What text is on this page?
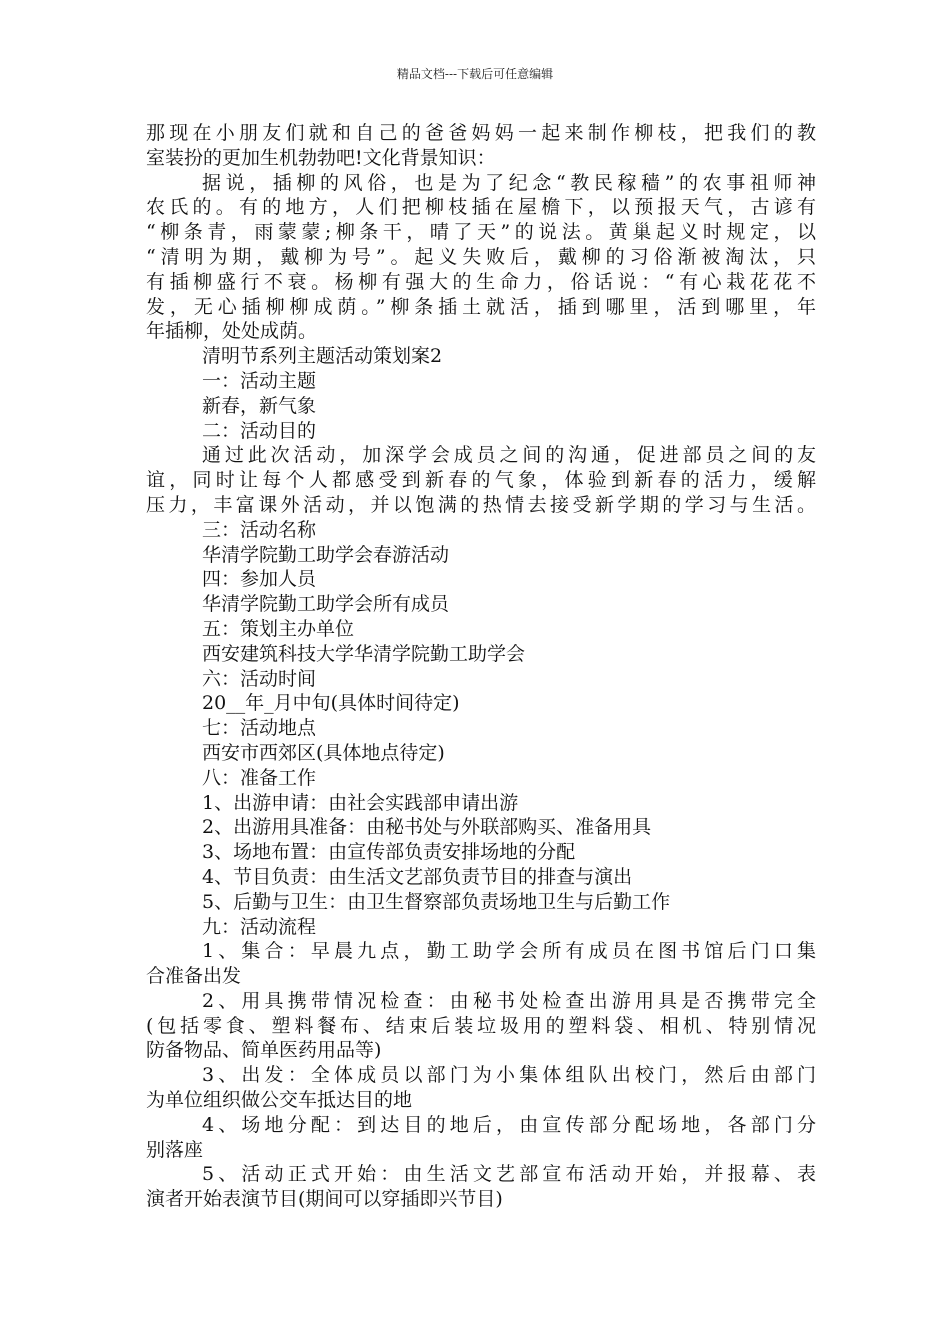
精品文档---下载后可任意编辑
那现在小朋友们就和自己的爸爸妈妈一起来制作柳枝，把我们的教
室装扮的更加生机勃勃吧!文化背景知识：
据说，插柳的风俗，也是为了纪念“教民稼穑”的农事祖师神
农氏的。有的地方，人们把柳枝插在屋檐下，以预报天气，古谚有
“柳条青，雨蒙蒙;柳条干，晴了天”的说法。黄巢起义时规定，以
“清明为期，戴柳为号”。起义失败后，戴柳的习俗渐被淘汰，只
有插柳盛行不衰。杨柳有强大的生命力，俗话说：“有心栽花花不
发，无心插柳柳成荫。”柳条插土就活，插到哪里，活到哪里，年
年插柳，处处成荫。
清明节系列主题活动策划案2
一：活动主题
新春，新气象
二：活动目的
通过此次活动，加深学会成员之间的沟通，促进部员之间的友
谊，同时让每个人都感受到新春的气象，体验到新春的活力，缓解
压力，丰富课外活动，并以饱满的热情去接受新学期的学习与生活。
三：活动名称
华清学院勤工助学会春游活动
四：参加人员
华清学院勤工助学会所有成员
五：策划主办单位
西安建筑科技大学华清学院勤工助学会
六：活动时间
20__年_月中旬(具体时间待定)
七：活动地点
西安市西郊区(具体地点待定)
八：准备工作
1、出游申请：由社会实践部申请出游
2、出游用具准备：由秘书处与外联部购买、准备用具
3、场地布置：由宣传部负责安排场地的分配
4、节目负责：由生活文艺部负责节目的排查与演出
5、后勤与卫生：由卫生督察部负责场地卫生与后勤工作
九：活动流程
1、集合：早晨九点，勤工助学会所有成员在图书馆后门口集
合准备出发
2、用具携带情况检查：由秘书处检查出游用具是否携带完全
(包括零食、塑料餐布、结束后装垃圾用的塑料袋、相机、特别情况
防备物品、简单医药用品等)
3、出发：全体成员以部门为小集体组队出校门，然后由部门
为单位组织做公交车抵达目的地
4、场地分配：到达目的地后，由宣传部分配场地，各部门分
别落座
5、活动正式开始：由生活文艺部宣布活动开始，并报幕、表
演者开始表演节目(期间可以穿插即兴节目)
